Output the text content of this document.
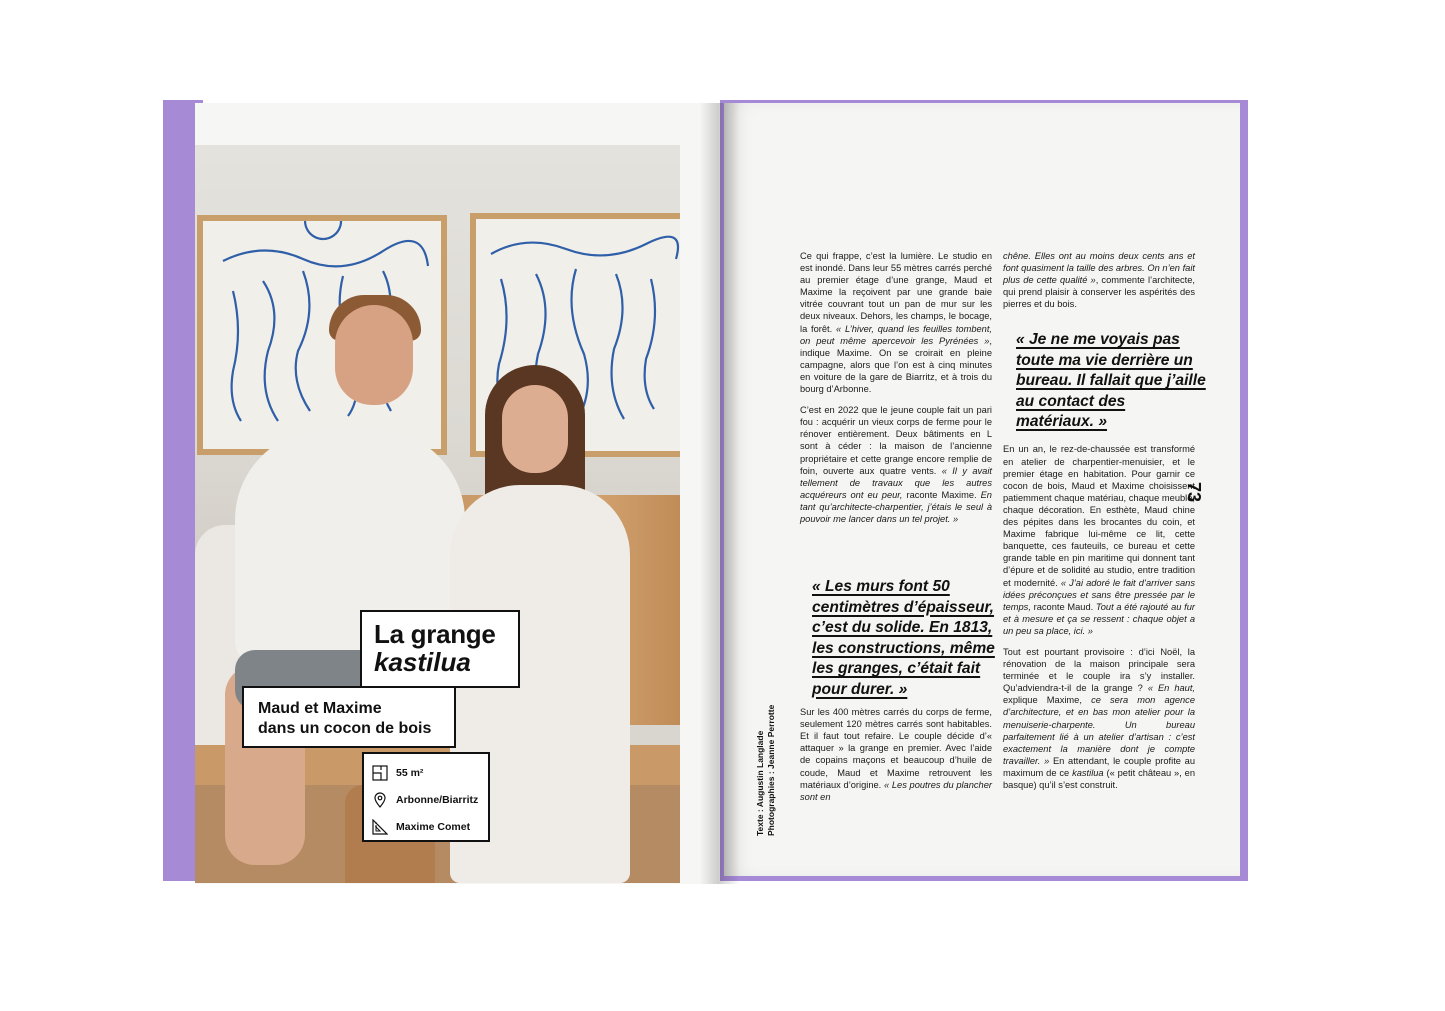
La grange
kastilua
Maud et Maxime
dans un cocon de bois
55 m²
Arbonne/Biarritz
Maxime Comet	Texte : Augustin Langlade Photographies : Jeanne Perrotte

Ce qui frappe, c’est la lumière. Le studio en est inondé. Dans leur 55 mètres carrés perché au premier étage d’une grange, Maud et Maxime la reçoivent par une grande baie vitrée couvrant tout un pan de mur sur les deux niveaux. Dehors, les champs, le bocage, la forêt. « L’hiver, quand les feuilles tombent, on peut même apercevoir les Pyrénées », indique Maxime. On se croirait en pleine campagne, alors que l’on est à cinq minutes en voiture de la gare de Biarritz, et à trois du bourg d’Arbonne.

C’est en 2022 que le jeune couple fait un pari fou : acquérir un vieux corps de ferme pour le rénover entièrement. Deux bâtiments en L sont à céder : la maison de l’ancienne propriétaire et cette grange encore remplie de foin, ouverte aux quatre vents. « Il y avait tellement de travaux que les autres acquéreurs ont eu peur, raconte Maxime. En tant qu’architecte-charpentier, j’étais le seul à pouvoir me lancer dans un tel projet. »

Sur les 400 mètres carrés du corps de ferme, seulement 120 mètres carrés sont habitables. Et il faut tout refaire. Le couple décide d’« attaquer » la grange en premier. Avec l’aide de copains maçons et beaucoup d’huile de coude, Maud et Maxime retrouvent les matériaux d’origine. « Les poutres du plancher sont en

« Les murs font 50 centimètres d’épaisseur, c’est du solide. En 1813, les constructions, même les granges, c’était fait pour durer. »

chêne. Elles ont au moins deux cents ans et font quasiment la taille des arbres. On n’en fait plus de cette qualité », commente l’architecte, qui prend plaisir à conserver les aspérités des pierres et du bois.

En un an, le rez-de-chaussée est transformé en atelier de charpentier-menuisier, et le premier étage en habitation. Pour garnir ce cocon de bois, Maud et Maxime choisissent patiemment chaque matériau, chaque meuble, chaque décoration. En esthète, Maud chine des pépites dans les brocantes du coin, et Maxime fabrique lui-même ce lit, cette banquette, ces fauteuils, ce bureau et cette grande table en pin maritime qui donnent tant d’épure et de solidité au studio, entre tradition et modernité. « J’ai adoré le fait d’arriver sans idées préconçues et sans être pressée par le temps, raconte Maud. Tout a été rajouté au fur et à mesure et ça se ressent : chaque objet a un peu sa place, ici. »

Tout est pourtant provisoire : d’ici Noël, la rénovation de la maison principale sera terminée et le couple ira s’y installer. Qu’adviendra-t-il de la grange ? « En haut, explique Maxime, ce sera mon agence d’architecture, et en bas mon atelier pour la menuiserie-charpente. Un bureau parfaitement lié à un atelier d’artisan : c’est exactement la manière dont je compte travailler. » En attendant, le couple profite au maximum de ce kastilua (« petit château », en basque) qu’il s’est construit.

« Je ne me voyais pas toute ma vie derrière un bureau. Il fallait que j’aille au contact des matériaux. »
73
